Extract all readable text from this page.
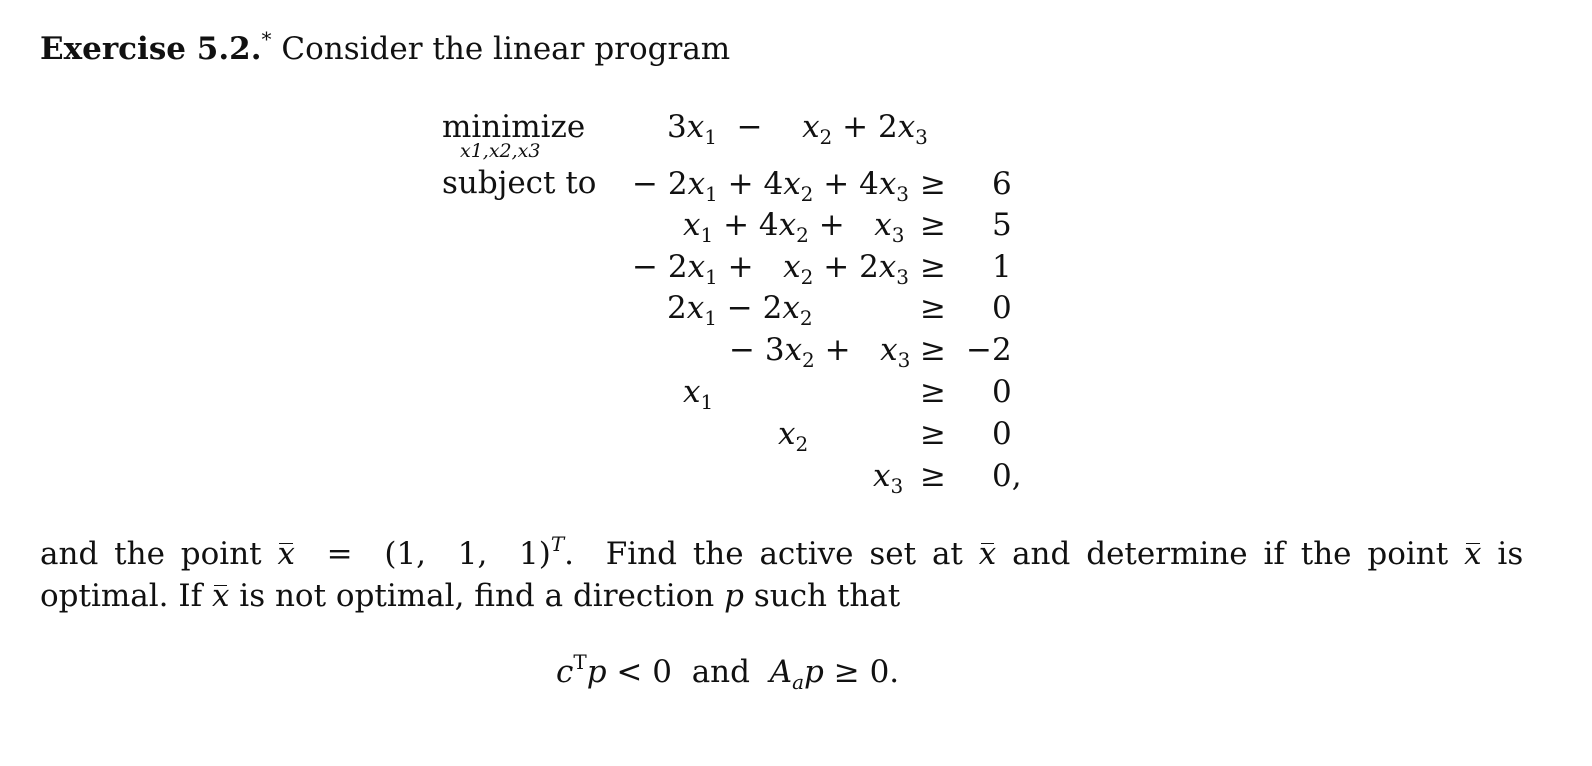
Exercise 5.2.* Consider the linear program
minimize
x1,x2,x3
subject to
$3x_1$  −    $x_2 + 2x_3$
− $2x_1 + 4x_2 + 4x_3 \ge 6$
$x_1 + 4x_2 + x_3 \ge 5$
− $2x_1 + x_2 + 2x_3 \ge 1$
$2x_1 - 2x_2$	≥ 0
− $3x_2 + x_3 \ge -2$
$x_1$	≥ 0
$x_2$	≥ 0
$x_3 \ge 0$,
and the point x  =  (1,  1,  1)$^T$.  Find the active set at x and determine if the point x is
optimal. If x is not optimal, find a direction p such that
$c^Tp < 0$  and  $A_ap \ge 0$.
